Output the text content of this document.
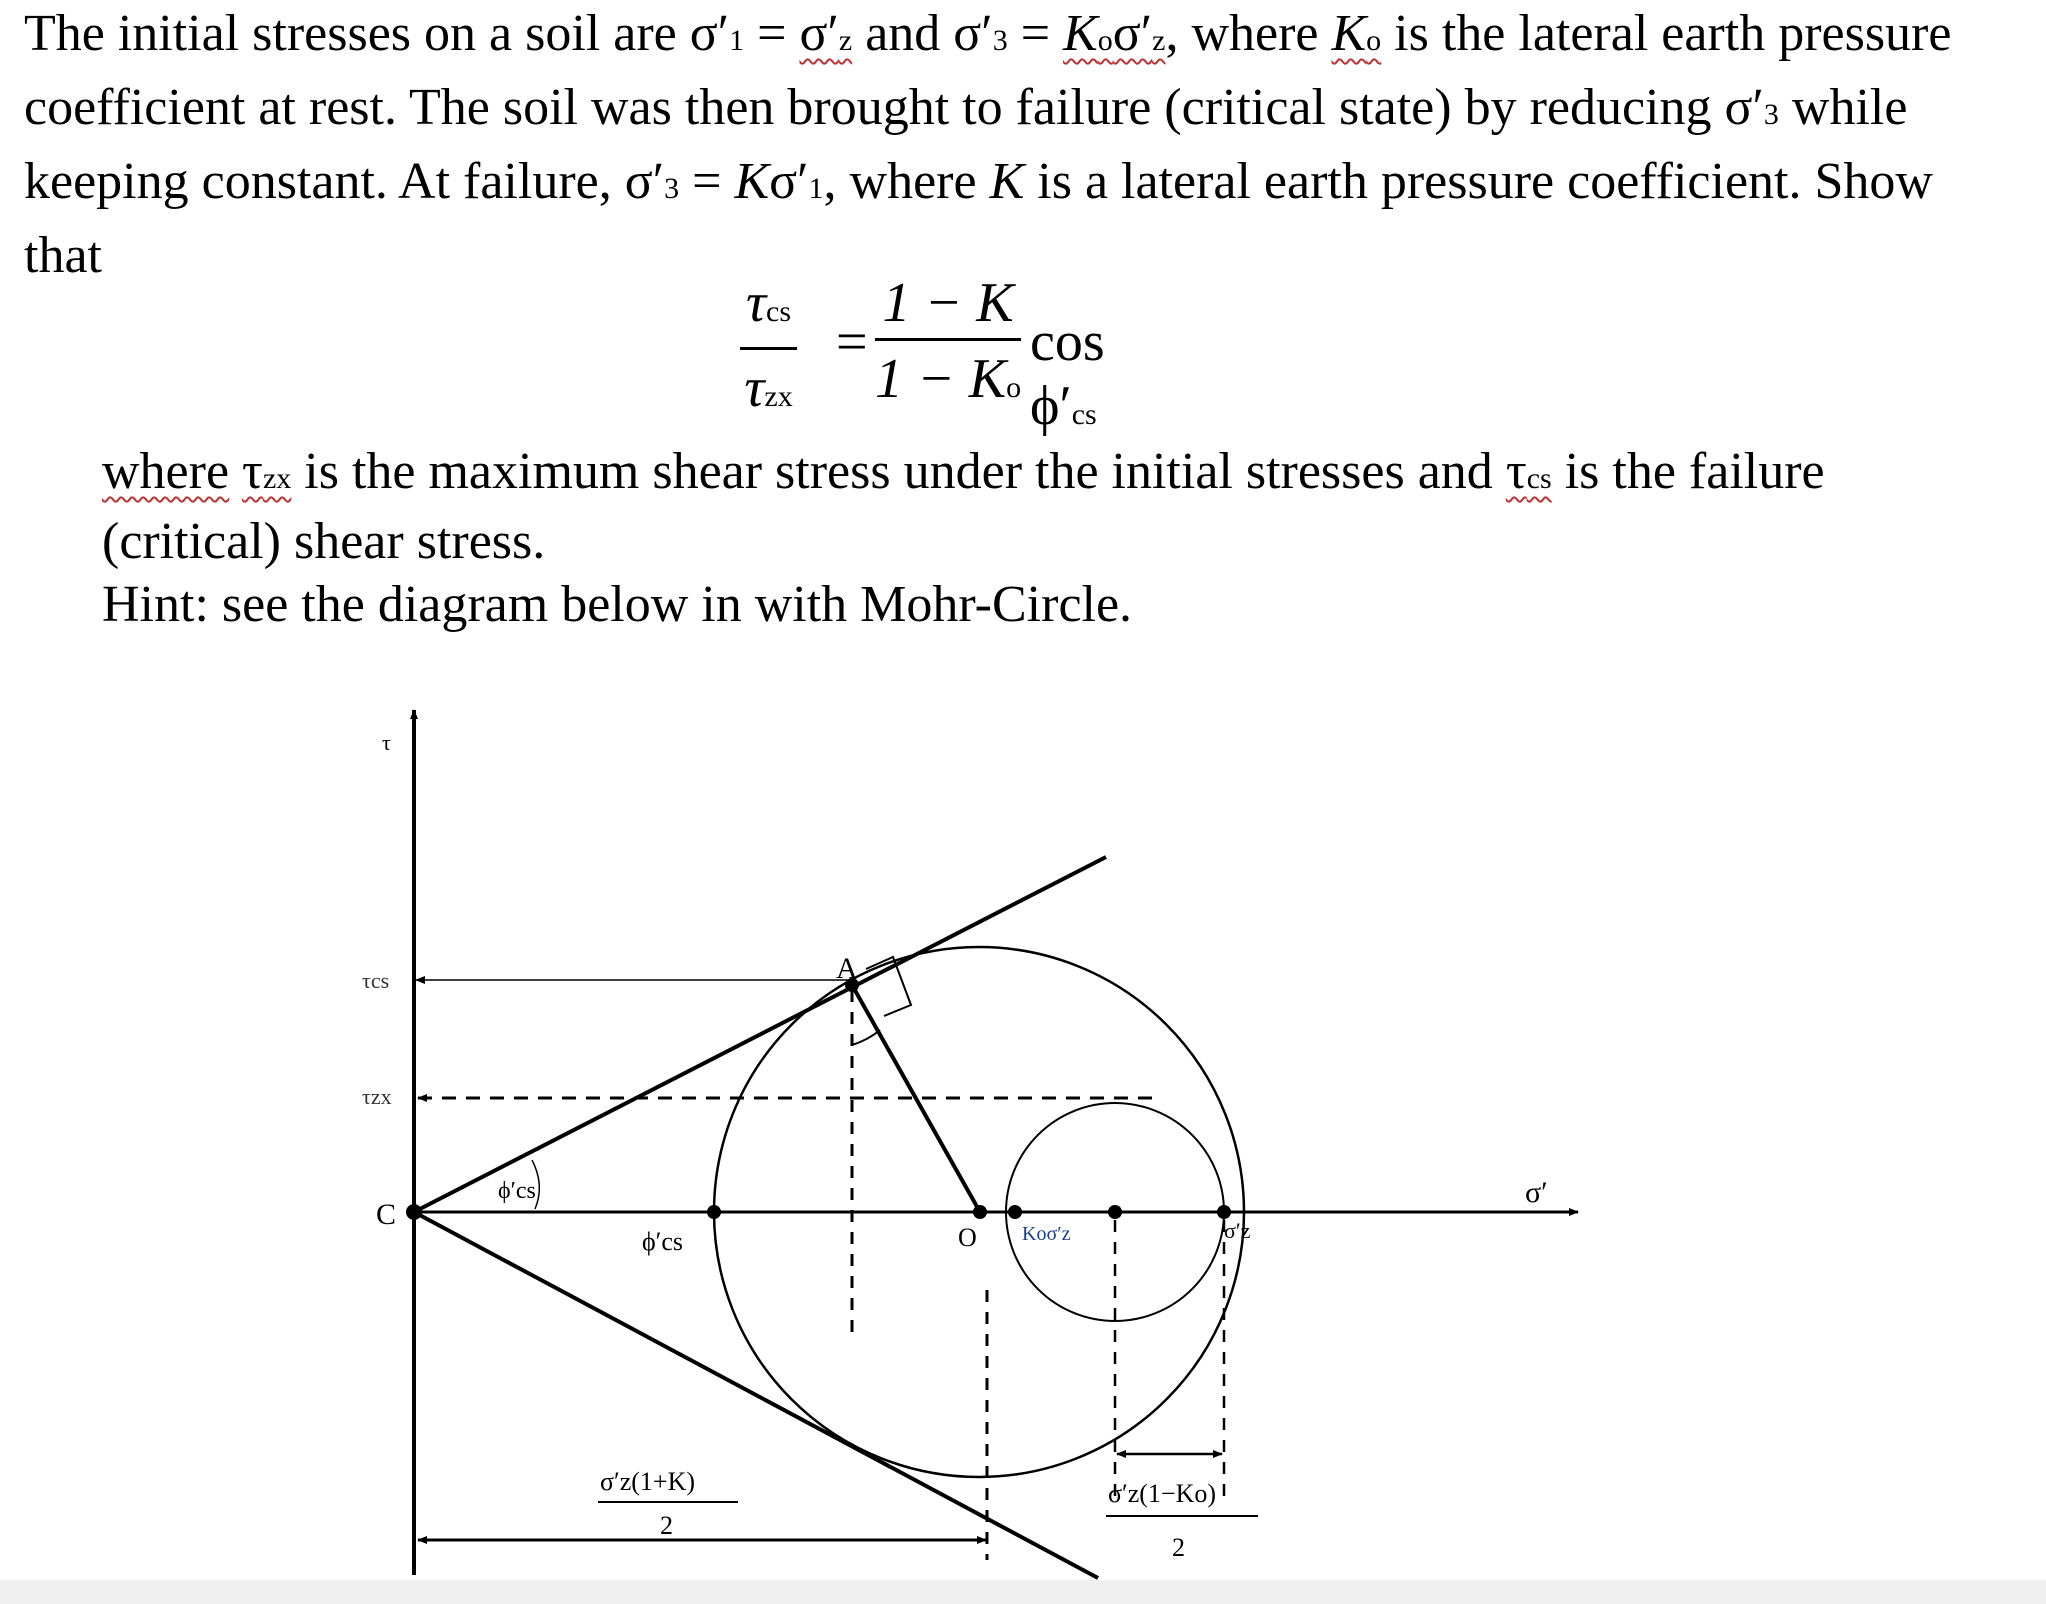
The initial stresses on a soil are σ′1 = σ′z and σ′3 = Koσ′z, where Ko is the lateral earth pressure coefficient at rest. The soil was then brought to failure (critical state) by reducing σ′3 while keeping constant. At failure, σ′3 = Kσ′1, where K is a lateral earth pressure coefficient. Show that

τcs
τzx
= $\frac{1 - K}{1 - Ko}$ cos ϕ′cs

where τzx is the maximum shear stress under the initial stresses and τcs is the failure (critical) shear stress.

Hint: see the diagram below in with Mohr-Circle.

τ
σ′
τcs
τzx
C
A
O
ϕ′cs
ϕ′cs	Koσ′z	σ′z
σ′z(1+K)
2
σ′z(1−Ko)
2
